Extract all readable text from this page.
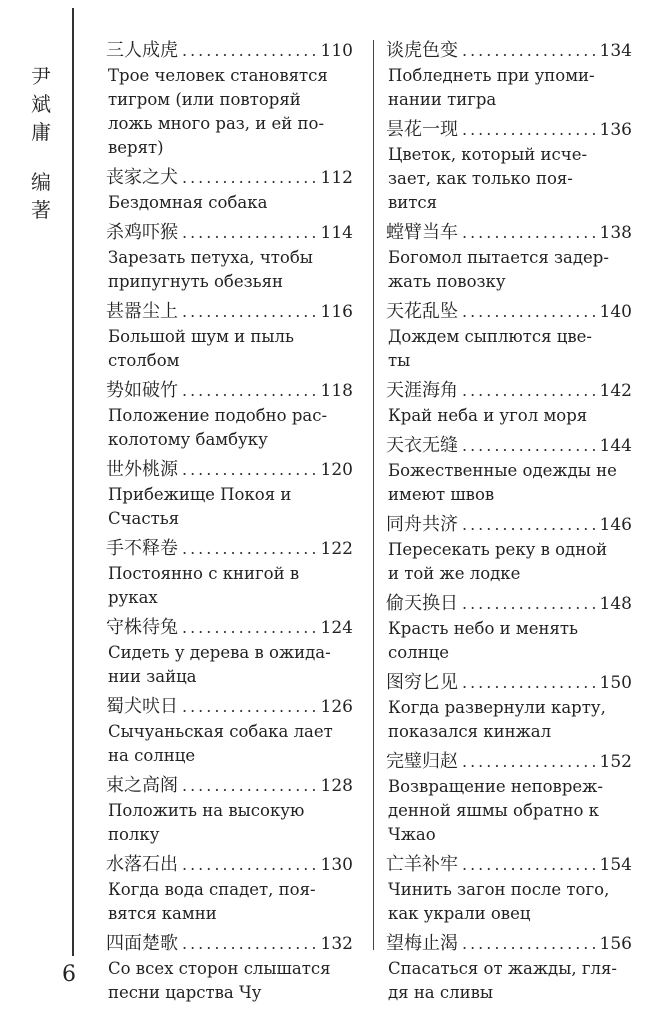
尹
斌
庸
编
著
三人成虎 .....	110
Трое человек становятся
тигром (или повторяй
ложь много раз, и ей по-
верят)
丧家之犬 .....	112
Бездомная собака
杀鸡吓猴 .....	114
Зарезать петуха, чтобы
припугнуть обезьян
甚嚣尘上 .....	116
Большой шум и пыль
столбом
势如破竹 .....	118
Положение подобно рас-
колотому бамбуку
世外桃源 .....	120
Прибежище Покоя и
Счастья
手不释卷 .....	122
Постоянно с книгой в
руках
守株待兔 .....	124
Сидеть у дерева в ожида-
нии зайца
蜀犬吠日 .....	126
Сычуаньская собака лает
на солнце
束之高阁 .....	128
Положить на высокую
полку
水落石出 .....	130
Когда вода спадет, поя-
вятся камни
四面楚歌 .....	132
Со всех сторон слышатся
песни царства Чу
谈虎色变 .....	134
Побледнеть при упоми-
нании тигра
昙花一现 .....	136
Цветок, который исче-
зает, как только поя-
вится
螳臂当车 .....	138
Богомол пытается задер-
жать повозку
天花乱坠 .....	140
Дождем сыплются цве-
ты
天涯海角 .....	142
Край неба и угол моря
天衣无缝 .....	144
Божественные одежды не
имеют швов
同舟共济 .....	146
Пересекать реку в одной
и той же лодке
偷天换日 .....	148
Красть небо и менять
солнце
图穷匕见 .....	150
Когда развернули карту,
показался кинжал
完璧归赵 .....	152
Возвращение неповреж-
денной яшмы обратно к
Чжао
亡羊补牢 .....	154
Чинить загон после того,
как украли овец
望梅止渴 .....	156
Спасаться от жажды, гля-
дя на сливы
6
